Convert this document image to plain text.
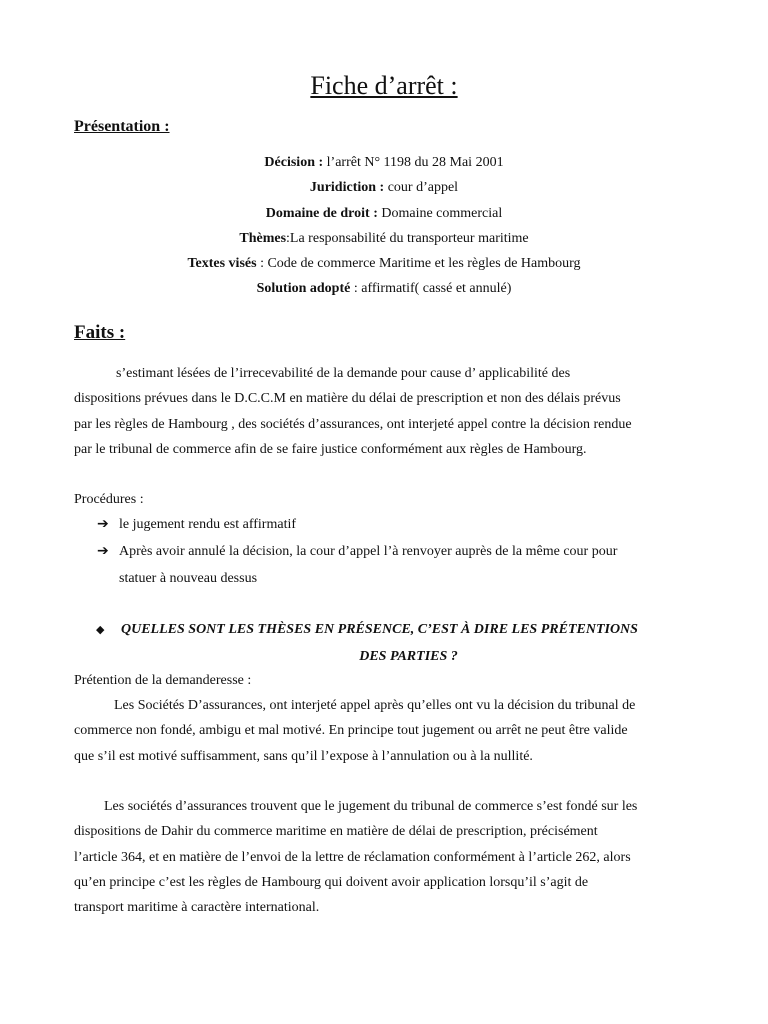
Fiche d’arrêt :
Présentation :
Décision : l’arrêt N° 1198 du 28 Mai 2001
Juridiction : cour d’appel
Domaine de droit : Domaine commercial
Thèmes:La responsabilité du transporteur maritime
Textes visés : Code de commerce Maritime et les règles de Hambourg
Solution adopté : affirmatif( cassé et annulé)
Faits :

s’estimant lésées de l’irrecevabilité de la demande pour cause d’ applicabilité des
dispositions prévues dans le D.C.C.M en matière du délai de prescription et non des délais prévus
par les règles de Hambourg , des sociétés d’assurances, ont interjeté appel contre la décision rendue
par le tribunal de commerce afin de se faire justice conformément aux règles de Hambourg.

Procédures :

➔ le jugement rendu est affirmatif
➔ Après avoir annulé la décision, la cour d’appel l’à renvoyer auprès de la même cour pour
statuer à nouveau dessus
◆	QUELLES SONT LES THÈSES EN PRÉSENCE, C’EST À DIRE LES PRÉTENTIONS
DES PARTIES ?

Prétention de la demanderesse :

Les Sociétés D’assurances, ont interjeté appel après qu’elles ont vu la décision du tribunal de
commerce non fondé, ambigu et mal motivé. En principe tout jugement ou arrêt ne peut être valide
que s’il est motivé suffisamment, sans qu’il l’expose à l’annulation ou à la nullité.

Les sociétés d’assurances trouvent que le jugement du tribunal de commerce s’est fondé sur les
dispositions de Dahir du commerce maritime en matière de délai de prescription, précisément
l’article 364, et en matière de l’envoi de la lettre de réclamation conformément à l’article 262, alors
qu’en principe c’est les règles de Hambourg qui doivent avoir application lorsqu’il s’agit de
transport maritime à caractère international.
